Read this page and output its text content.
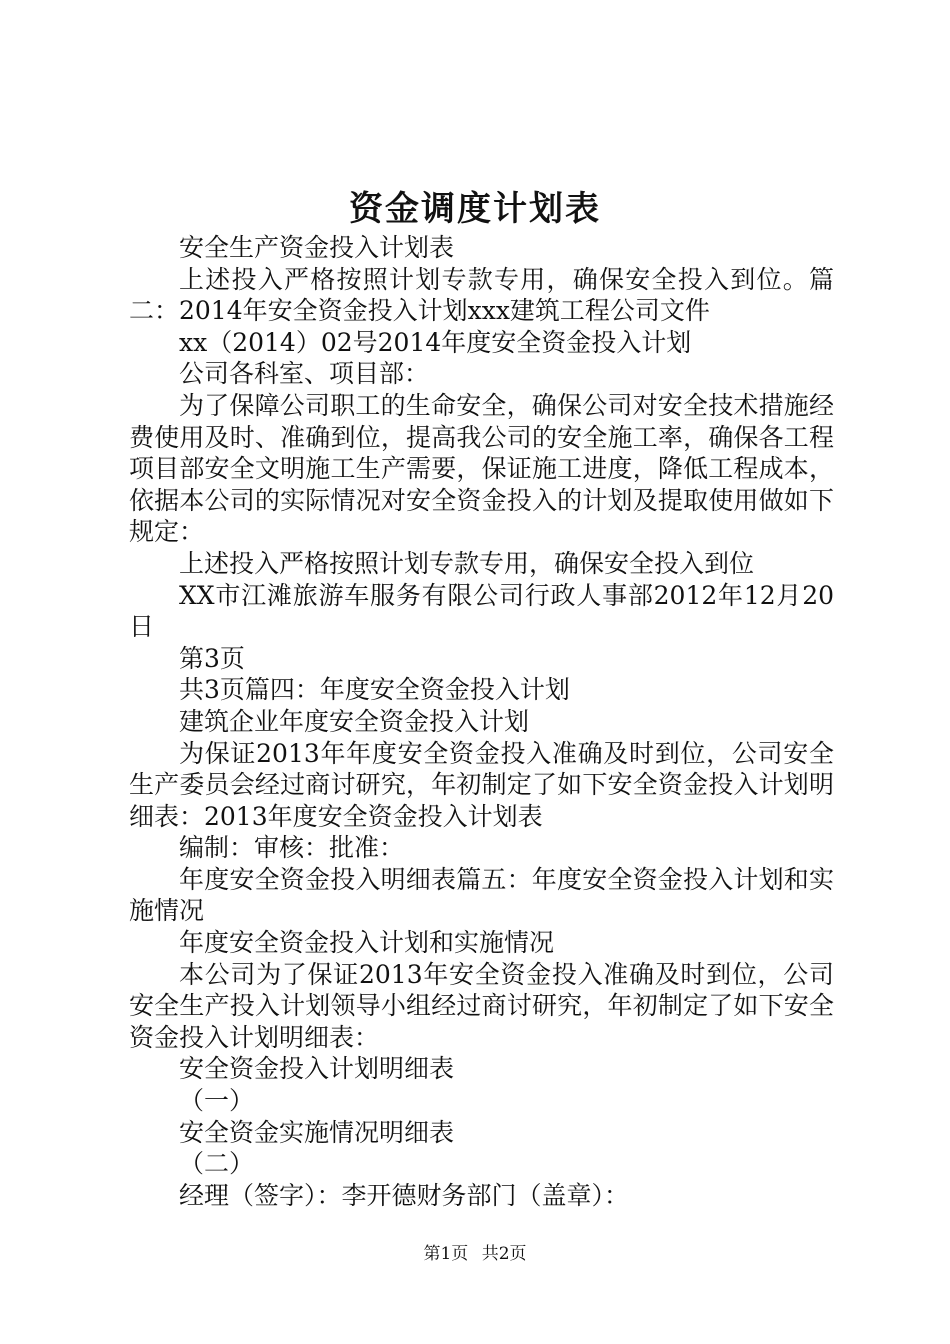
资金调度计划表

安全生产资金投入计划表

上述投入严格按照计划专款专用，确保安全投入到位。篇二：2014年安全资金投入计划xxx建筑工程公司文件

xx（2014）02号2014年度安全资金投入计划

公司各科室、项目部：

为了保障公司职工的生命安全，确保公司对安全技术措施经费使用及时、准确到位，提高我公司的安全施工率，确保各工程项目部安全文明施工生产需要，保证施工进度，降低工程成本，依据本公司的实际情况对安全资金投入的计划及提取使用做如下规定：

上述投入严格按照计划专款专用，确保安全投入到位

XX市江滩旅游车服务有限公司行政人事部2012年12月20日

第3页

共3页篇四：年度安全资金投入计划

建筑企业年度安全资金投入计划

为保证2013年年度安全资金投入准确及时到位，公司安全生产委员会经过商讨研究，年初制定了如下安全资金投入计划明细表：2013年度安全资金投入计划表

编制：审核：批准：

年度安全资金投入明细表篇五：年度安全资金投入计划和实施情况

年度安全资金投入计划和实施情况

本公司为了保证2013年安全资金投入准确及时到位，公司安全生产投入计划领导小组经过商讨研究，年初制定了如下安全资金投入计划明细表：

安全资金投入计划明细表

（一）

安全资金实施情况明细表

（二）

经理（签字）：李开德财务部门（盖章）：

第1页 共2页
